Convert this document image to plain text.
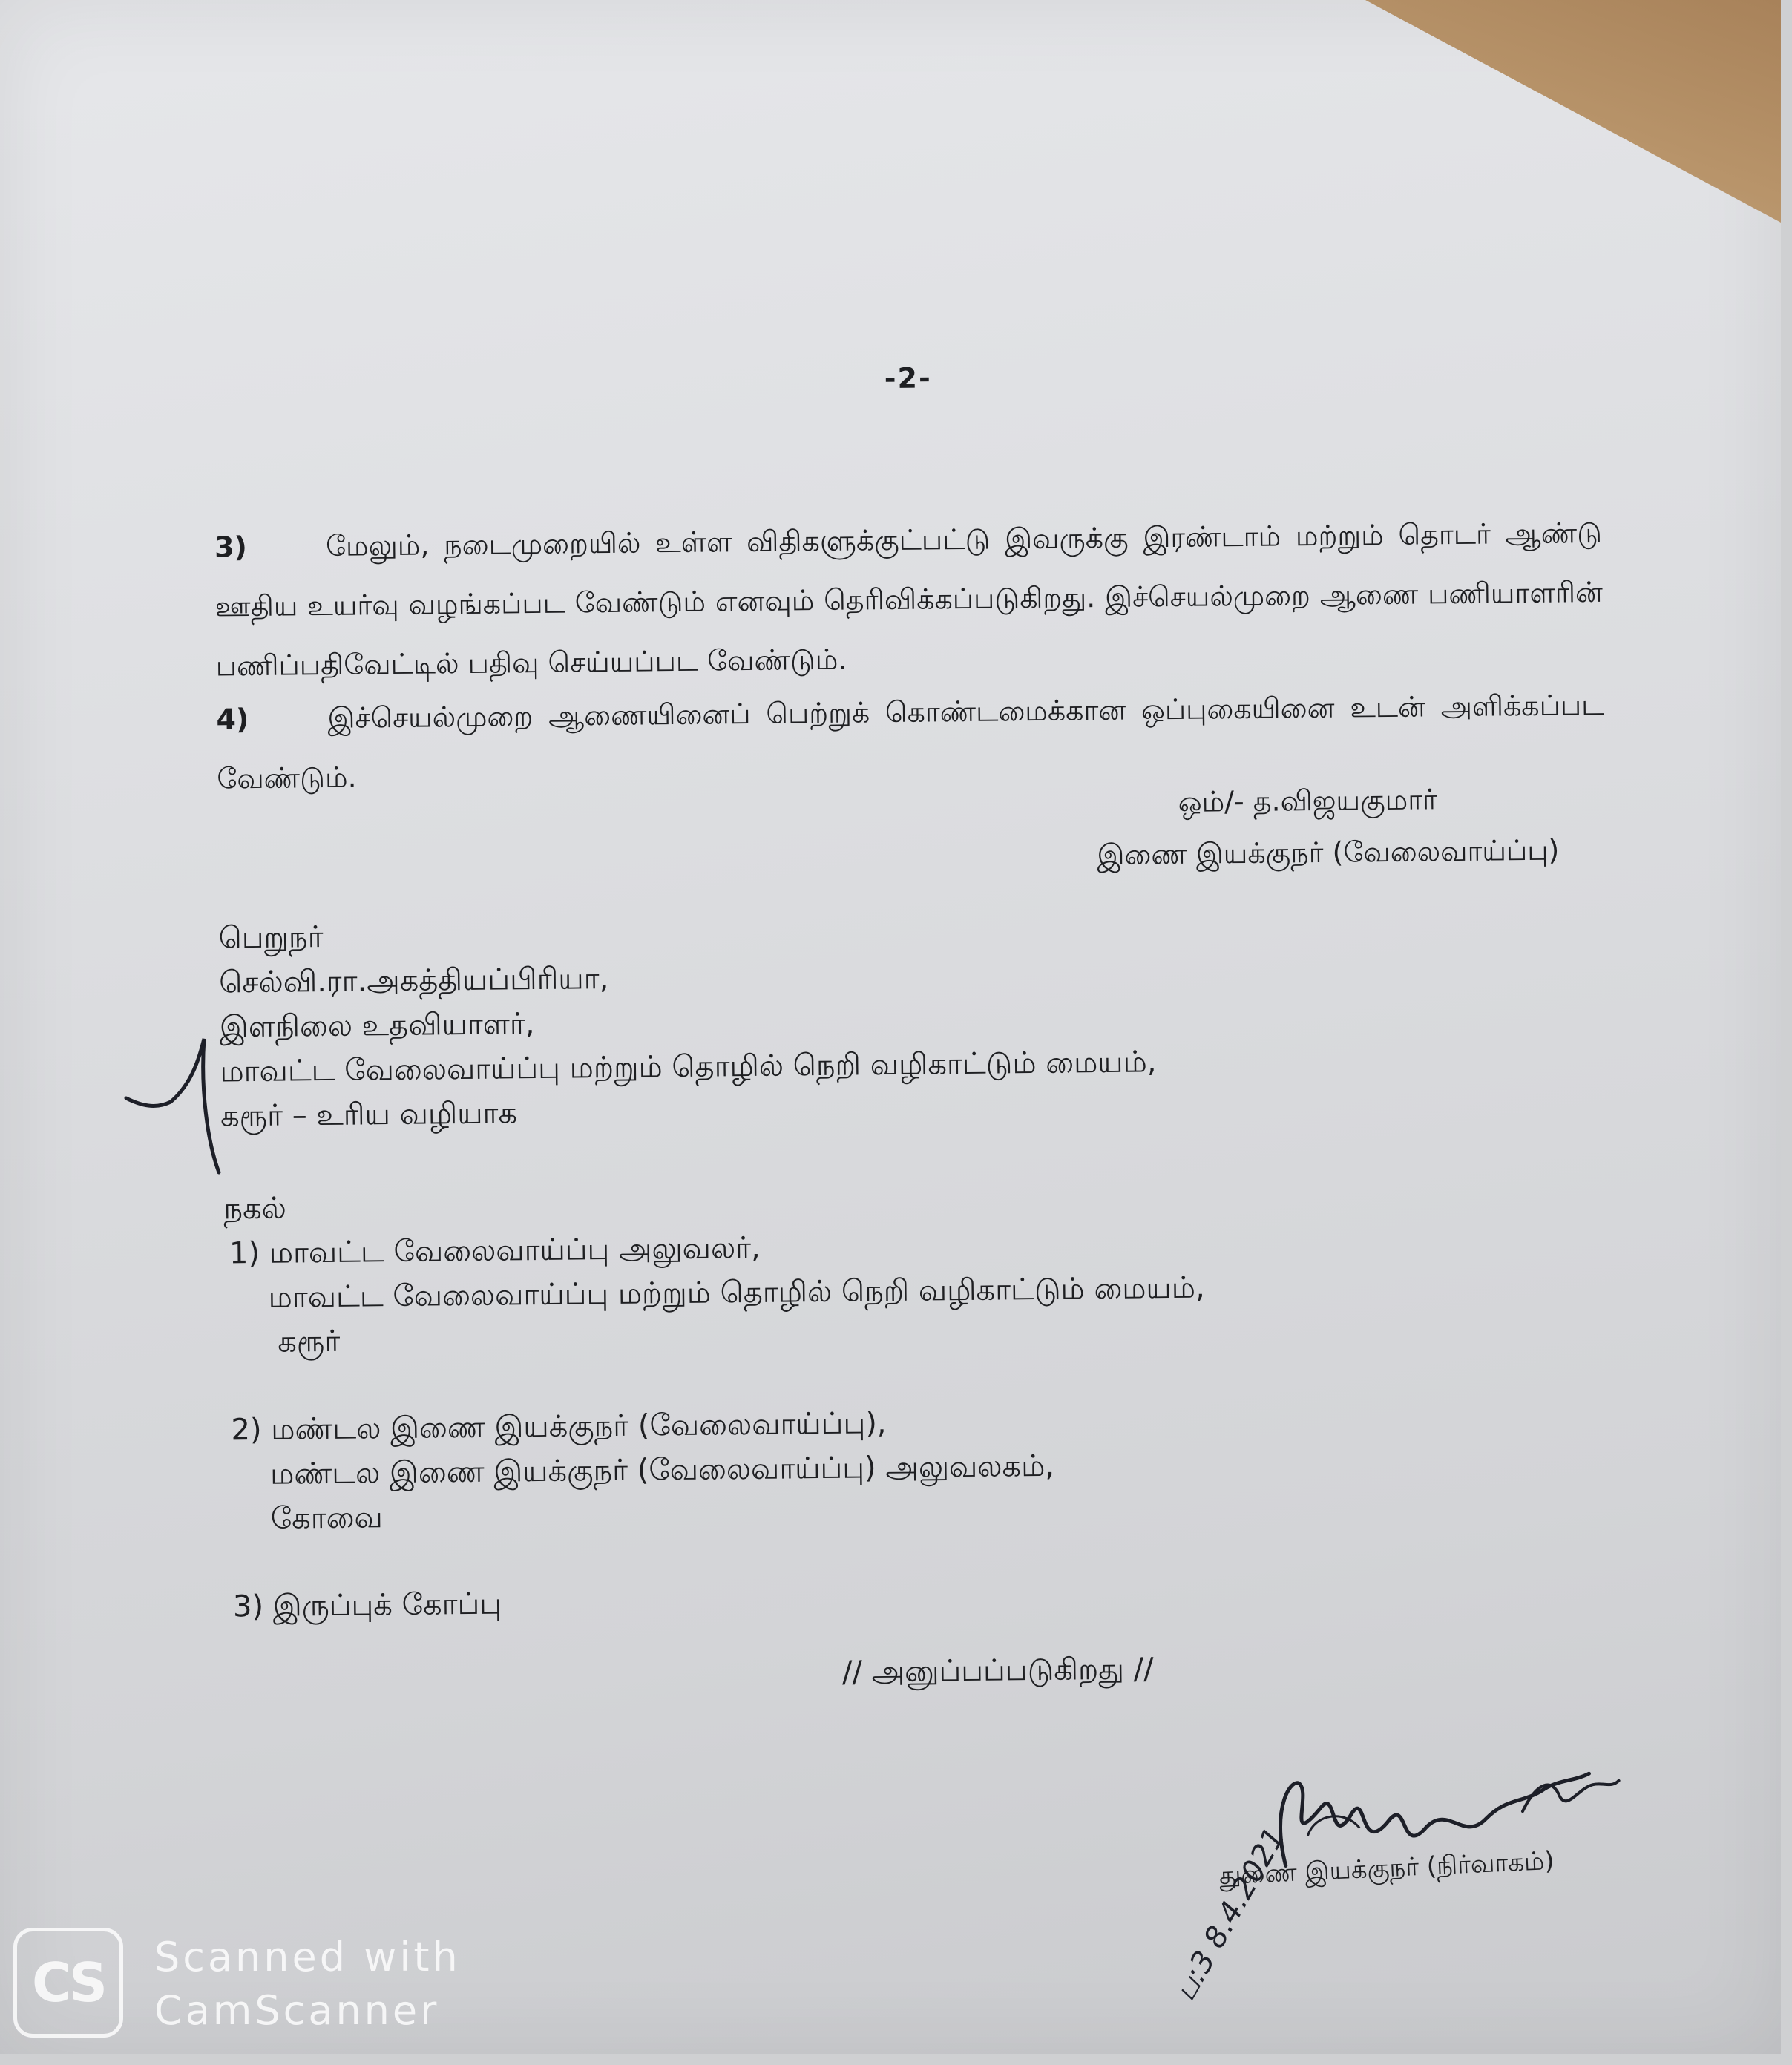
-2-
3)	மேலும், நடைமுறையில் உள்ள விதிகளுக்குட்பட்டு இவருக்கு இரண்டாம் மற்றும் தொடர் ஆண்டு ஊதிய உயர்வு வழங்கப்பட வேண்டும் எனவும் தெரிவிக்கப்படுகிறது. இச்செயல்முறை ஆணை பணியாளரின் பணிப்பதிவேட்டில் பதிவு செய்யப்பட வேண்டும்.
4)	இச்செயல்முறை ஆணையினைப் பெற்றுக் கொண்டமைக்கான ஒப்புகையினை உடன் அளிக்கப்பட வேண்டும்.
ஒம்/- த.விஜயகுமார்
இணை இயக்குநர் (வேலைவாய்ப்பு)
பெறுநர்
செல்வி.ரா.அகத்தியப்பிரியா,
இளநிலை உதவியாளர்,
மாவட்ட வேலைவாய்ப்பு மற்றும் தொழில் நெறி வழிகாட்டும் மையம்,
கரூர் – உரிய வழியாக
நகல்
1) மாவட்ட வேலைவாய்ப்பு அலுவலர்,
மாவட்ட வேலைவாய்ப்பு மற்றும் தொழில் நெறி வழிகாட்டும் மையம்,
கரூர்
2) மண்டல இணை இயக்குநர் (வேலைவாய்ப்பு),
மண்டல இணை இயக்குநர் (வேலைவாய்ப்பு) அலுவலகம்,
கோவை
3) இருப்புக் கோப்பு
// அனுப்பப்படுகிறது //
துணை இயக்குநர் (நிர்வாகம்)
ப:3 8.4.2021
CS	Scanned with
CamScanner
